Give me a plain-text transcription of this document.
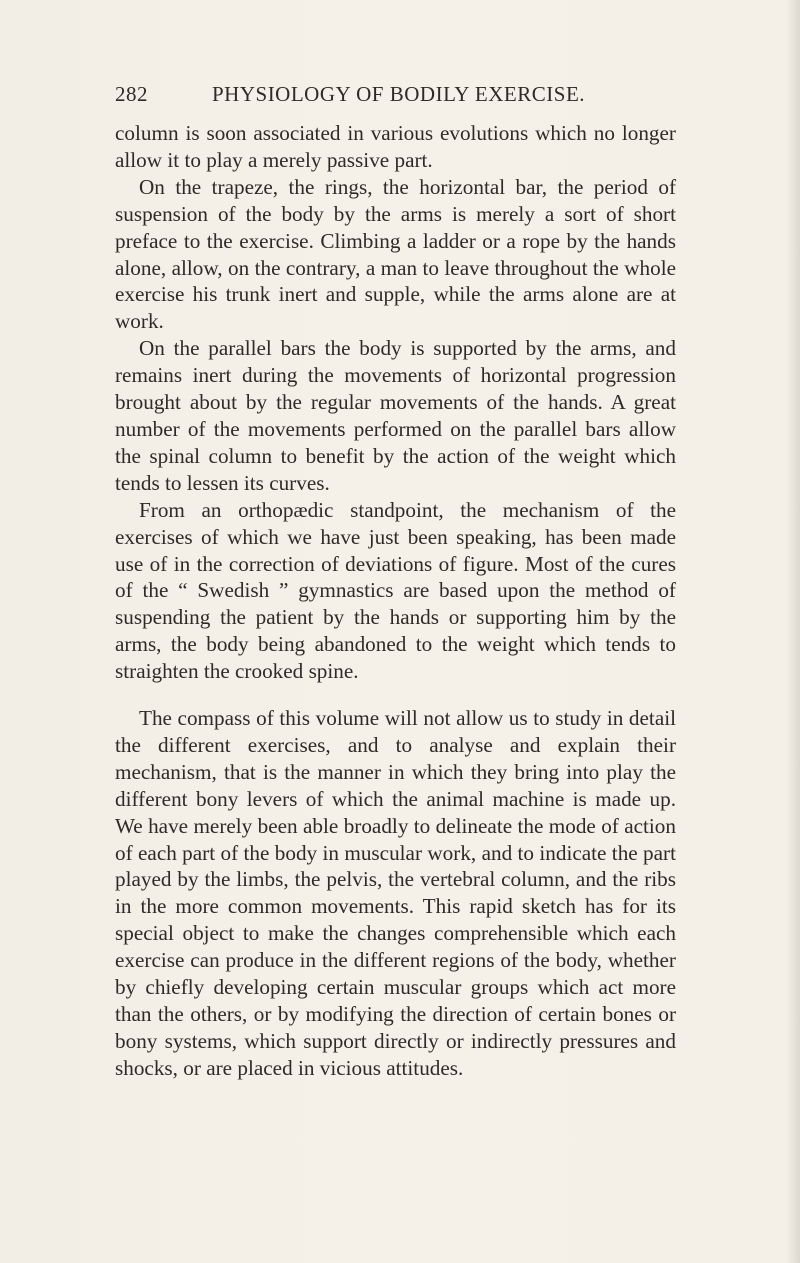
282	PHYSIOLOGY OF BODILY EXERCISE.

column is soon associated in various evolutions which no longer allow it to play a merely passive part.

On the trapeze, the rings, the horizontal bar, the period of suspension of the body by the arms is merely a sort of short preface to the exercise. Climbing a ladder or a rope by the hands alone, allow, on the contrary, a man to leave throughout the whole exercise his trunk inert and supple, while the arms alone are at work.

On the parallel bars the body is supported by the arms, and remains inert during the movements of horizontal progression brought about by the regular movements of the hands. A great number of the movements performed on the parallel bars allow the spinal column to benefit by the action of the weight which tends to lessen its curves.

From an orthopædic standpoint, the mechanism of the exercises of which we have just been speaking, has been made use of in the correction of deviations of figure. Most of the cures of the “ Swedish ” gymnastics are based upon the method of suspending the patient by the hands or supporting him by the arms, the body being abandoned to the weight which tends to straighten the crooked spine.

The compass of this volume will not allow us to study in detail the different exercises, and to analyse and explain their mechanism, that is the manner in which they bring into play the different bony levers of which the animal machine is made up. We have merely been able broadly to delineate the mode of action of each part of the body in muscular work, and to indicate the part played by the limbs, the pelvis, the vertebral column, and the ribs in the more common movements. This rapid sketch has for its special object to make the changes comprehensible which each exercise can produce in the different regions of the body, whether by chiefly developing certain muscular groups which act more than the others, or by modifying the direction of certain bones or bony systems, which support directly or indirectly pressures and shocks, or are placed in vicious attitudes.
